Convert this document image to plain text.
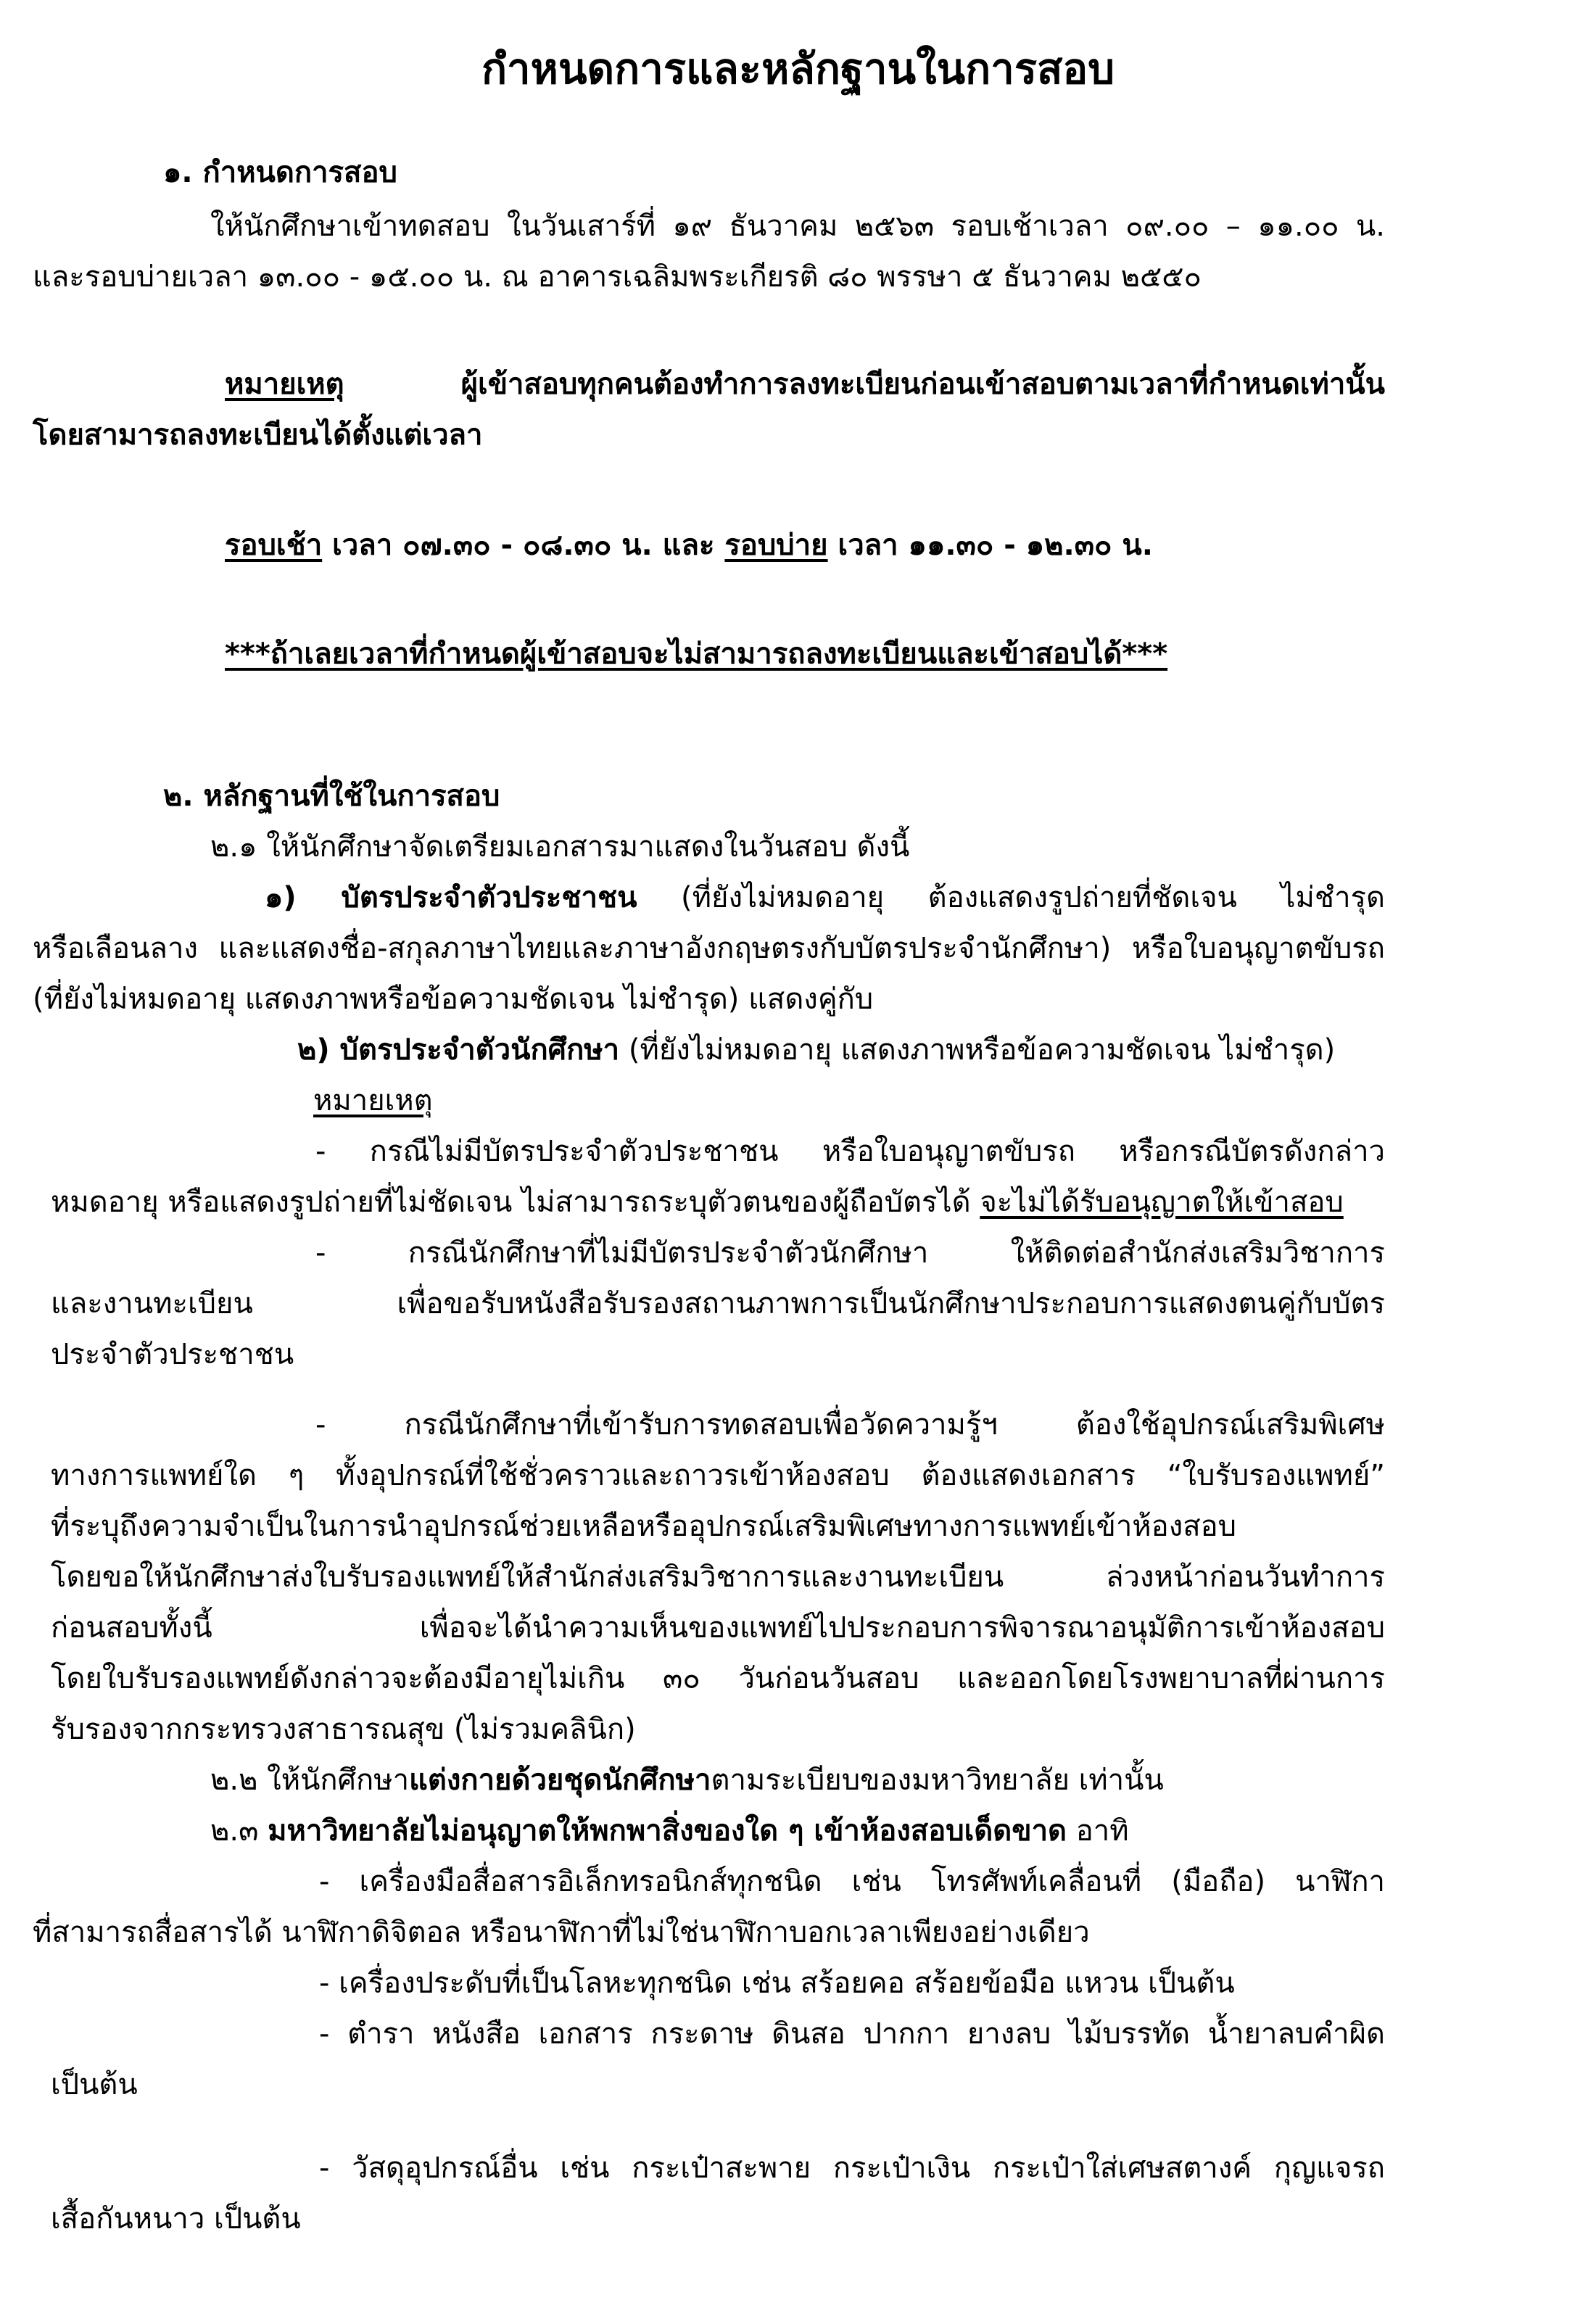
กำหนดการและหลักฐานในการสอบ

๑. กำหนดการสอบ

ให้นักศึกษาเข้าทดสอบ ในวันเสาร์ที่ ๑๙ ธันวาคม ๒๕๖๓ รอบเช้าเวลา ๐๙.๐๐ – ๑๑.๐๐ น.

และรอบบ่ายเวลา ๑๓.๐๐ - ๑๕.๐๐ น. ณ อาคารเฉลิมพระเกียรติ ๘๐ พรรษา ๕ ธันวาคม ๒๕๕๐

หมายเหตุ	ผู้เข้าสอบทุกคนต้องทำการลงทะเบียนก่อนเข้าสอบตามเวลาที่กำหนดเท่านั้น

โดยสามารถลงทะเบียนได้ตั้งแต่เวลา

รอบเช้า เวลา ๐๗.๓๐ - ๐๘.๓๐ น. และ รอบบ่าย เวลา ๑๑.๓๐ - ๑๒.๓๐ น.

***ถ้าเลยเวลาที่กำหนดผู้เข้าสอบจะไม่สามารถลงทะเบียนและเข้าสอบได้***

๒. หลักฐานที่ใช้ในการสอบ

๒.๑ ให้นักศึกษาจัดเตรียมเอกสารมาแสดงในวันสอบ ดังนี้

๑) บัตรประจำตัวประชาชน (ที่ยังไม่หมดอายุ ต้องแสดงรูปถ่ายที่ชัดเจน ไม่ชำรุด

หรือเลือนลาง และแสดงชื่อ-สกุลภาษาไทยและภาษาอังกฤษตรงกับบัตรประจำนักศึกษา) หรือใบอนุญาตขับรถ

(ที่ยังไม่หมดอายุ แสดงภาพหรือข้อความชัดเจน ไม่ชำรุด) แสดงคู่กับ

๒) บัตรประจำตัวนักศึกษา (ที่ยังไม่หมดอายุ แสดงภาพหรือข้อความชัดเจน ไม่ชำรุด)

หมายเหตุ

- กรณีไม่มีบัตรประจำตัวประชาชน หรือใบอนุญาตขับรถ หรือกรณีบัตรดังกล่าว

หมดอายุ หรือแสดงรูปถ่ายที่ไม่ชัดเจน ไม่สามารถระบุตัวตนของผู้ถือบัตรได้ จะไม่ได้รับอนุญาตให้เข้าสอบ

- กรณีนักศึกษาที่ไม่มีบัตรประจำตัวนักศึกษา ให้ติดต่อสำนักส่งเสริมวิชาการ

และงานทะเบียน เพื่อขอรับหนังสือรับรองสถานภาพการเป็นนักศึกษาประกอบการแสดงตนคู่กับบัตร

ประจำตัวประชาชน

- กรณีนักศึกษาที่เข้ารับการทดสอบเพื่อวัดความรู้ฯ ต้องใช้อุปกรณ์เสริมพิเศษ

ทางการแพทย์ใด ๆ ทั้งอุปกรณ์ที่ใช้ชั่วคราวและถาวรเข้าห้องสอบ ต้องแสดงเอกสาร “ใบรับรองแพทย์”

ที่ระบุถึงความจำเป็นในการนำอุปกรณ์ช่วยเหลือหรืออุปกรณ์เสริมพิเศษทางการแพทย์เข้าห้องสอบ

โดยขอให้นักศึกษาส่งใบรับรองแพทย์ให้สำนักส่งเสริมวิชาการและงานทะเบียน ล่วงหน้าก่อนวันทำการ

ก่อนสอบทั้งนี้ เพื่อจะได้นำความเห็นของแพทย์ไปประกอบการพิจารณาอนุมัติการเข้าห้องสอบ

โดยใบรับรองแพทย์ดังกล่าวจะต้องมีอายุไม่เกิน ๓๐ วันก่อนวันสอบ และออกโดยโรงพยาบาลที่ผ่านการ

รับรองจากกระทรวงสาธารณสุข (ไม่รวมคลินิก)

๒.๒ ให้นักศึกษาแต่งกายด้วยชุดนักศึกษาตามระเบียบของมหาวิทยาลัย เท่านั้น

๒.๓ มหาวิทยาลัยไม่อนุญาตให้พกพาสิ่งของใด ๆ เข้าห้องสอบเด็ดขาด อาทิ

- เครื่องมือสื่อสารอิเล็กทรอนิกส์ทุกชนิด เช่น โทรศัพท์เคลื่อนที่ (มือถือ) นาฬิกา

ที่สามารถสื่อสารได้ นาฬิกาดิจิตอล หรือนาฬิกาที่ไม่ใช่นาฬิกาบอกเวลาเพียงอย่างเดียว

- เครื่องประดับที่เป็นโลหะทุกชนิด เช่น สร้อยคอ สร้อยข้อมือ แหวน เป็นต้น

- ตำรา หนังสือ เอกสาร กระดาษ ดินสอ ปากกา ยางลบ ไม้บรรทัด น้ำยาลบคำผิด

เป็นต้น

- วัสดุอุปกรณ์อื่น เช่น กระเป๋าสะพาย กระเป๋าเงิน กระเป๋าใส่เศษสตางค์ กุญแจรถ

เสื้อกันหนาว เป็นต้น
